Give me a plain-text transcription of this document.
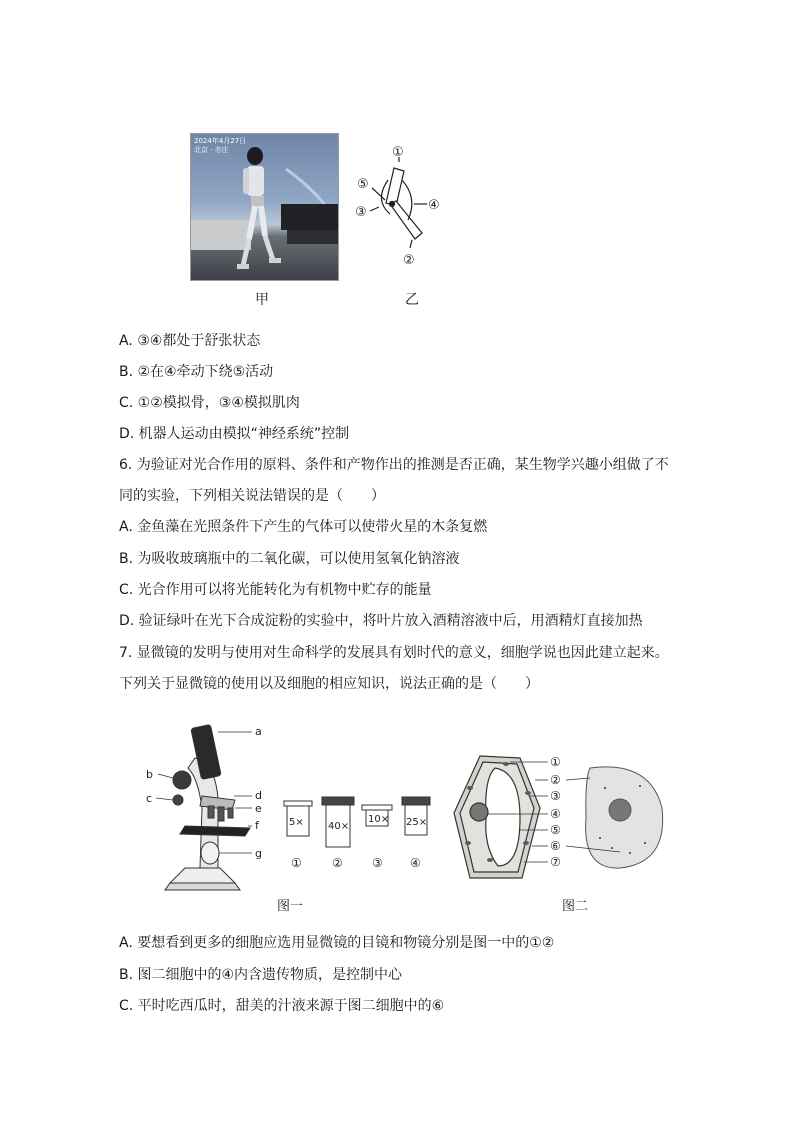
2024年4月27日
北京 · 亦庄
甲
①
⑤
③	④
②
乙
A. ③④都处于舒张状态
B. ②在④牵动下绕⑤活动
C. ①②模拟骨，③④模拟肌肉
D. 机器人运动由模拟“神经系统”控制
6. 为验证对光合作用的原料、条件和产物作出的推测是否正确，某生物学兴趣小组做了不
同的实验，下列相关说法错误的是（　　）
A. 金鱼藻在光照条件下产生的气体可以使带火星的木条复燃
B. 为吸收玻璃瓶中的二氧化碳，可以使用氢氧化钠溶液
C. 光合作用可以将光能转化为有机物中贮存的能量
D. 验证绿叶在光下合成淀粉的实验中，将叶片放入酒精溶液中后，用酒精灯直接加热
7. 显微镜的发明与使用对生命科学的发展具有划时代的意义，细胞学说也因此建立起来。
下列关于显微镜的使用以及细胞的相应知识，说法正确的是（　　）
a
b
c	d
e
f
g
5× 40×
10× 25×
①	② ③ ④
图一
①
②
③
④
⑤
⑥
⑦
图二
A. 要想看到更多的细胞应选用显微镜的目镜和物镜分别是图一中的①②
B. 图二细胞中的④内含遗传物质，是控制中心
C. 平时吃西瓜时，甜美的汁液来源于图二细胞中的⑥
